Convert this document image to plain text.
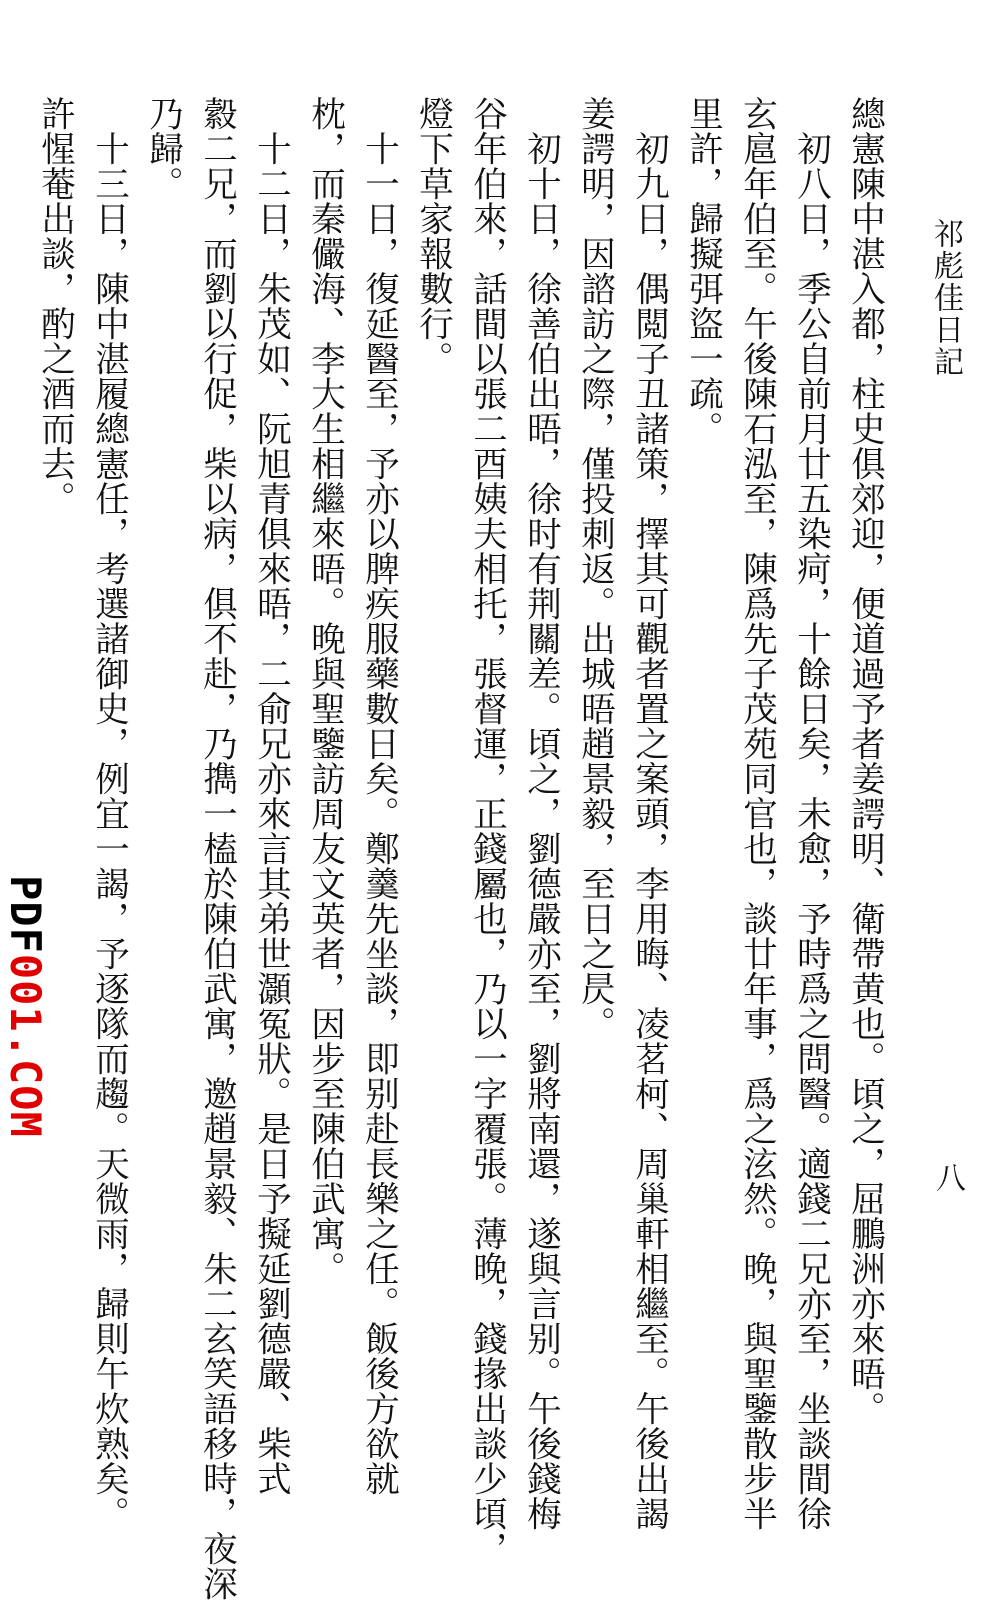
祁彪佳日記
八
總憲陳中湛入都，柱史俱郊迎，便道過予者姜諤明、衛帶黄也。頃之，屈鵬洲亦來晤。
　初八日，季公自前月廿五染疴，十餘日矣，未愈，予時爲之問醫。適錢二兄亦至，坐談間徐
玄扈年伯至。午後陳石泓至，陳爲先子茂苑同官也，談廿年事，爲之泫然。晚，與聖鑒散步半
里許，歸擬弭盜一疏。
　初九日，偶閲子丑諸策，擇其可觀者置之案頭，李用晦、凌茗柯、周巢軒相繼至。午後出謁
姜諤明，因諮訪之際，僅投刺返。出城晤趙景毅，至日之昃。
　初十日，徐善伯出晤，徐时有荆關差。頃之，劉德嚴亦至，劉將南還，遂與言别。午後錢梅
谷年伯來，話間以張二酉姨夫相托，張督運，正錢屬也，乃以一字覆張。薄晚，錢掾出談少頃，
燈下草家報數行。
　十一日，復延醫至，予亦以脾疾服藥數日矣。鄭羹先坐談，即别赴長樂之任。飯後方欲就
枕，而秦儼海、李大生相繼來晤。晚與聖鑒訪周友文英者，因步至陳伯武寓。
　十二日，朱茂如、阮旭青俱來晤，二俞兄亦來言其弟世灝冤狀。是日予擬延劉德嚴、柴式
縠二兄，而劉以行促，柴以病，俱不赴，乃擕一榼於陳伯武寓，邀趙景毅、朱二玄笑語移時，夜深
乃歸。
　十三日，陳中湛履總憲任，考選諸御史，例宜一謁，予逐隊而趨。天微雨，歸則午炊熟矣。
許惺菴出談，酌之酒而去。
PDF001.COM
